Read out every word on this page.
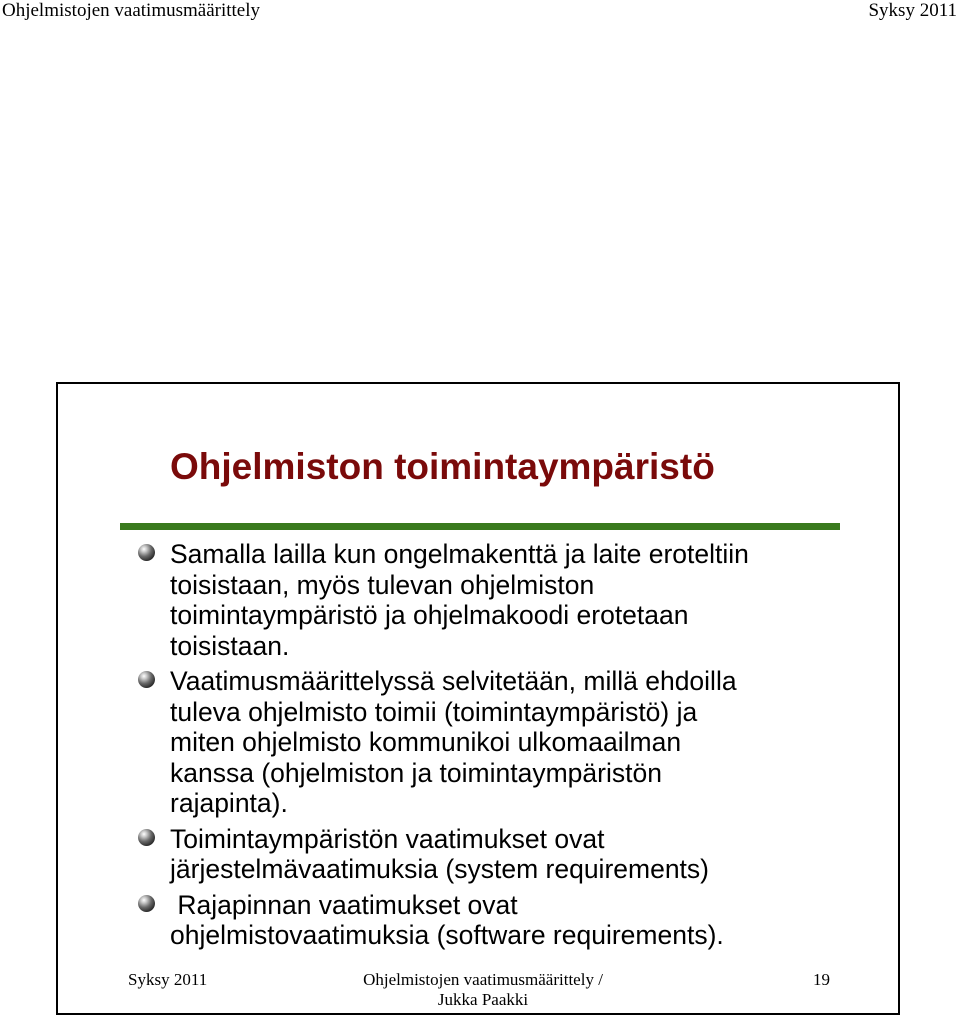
Ohjelmistojen vaatimusmäärittely	Syksy 2011
Ohjelmiston toimintaympäristö
Samalla lailla kun ongelmakenttä ja laite eroteltiin
toisistaan, myös tulevan ohjelmiston
toimintaympäristö ja ohjelmakoodi erotetaan
toisistaan.
Vaatimusmäärittelyssä selvitetään, millä ehdoilla
tuleva ohjelmisto toimii (toimintaympäristö) ja
miten ohjelmisto kommunikoi ulkomaailman
kanssa (ohjelmiston ja toimintaympäristön
rajapinta).
Toimintaympäristön vaatimukset ovat
järjestelmävaatimuksia (system requirements)
Rajapinnan vaatimukset ovat
ohjelmistovaatimuksia (software requirements).
Syksy 2011	Ohjelmistojen vaatimusmäärittely /
Jukka Paakki
19
